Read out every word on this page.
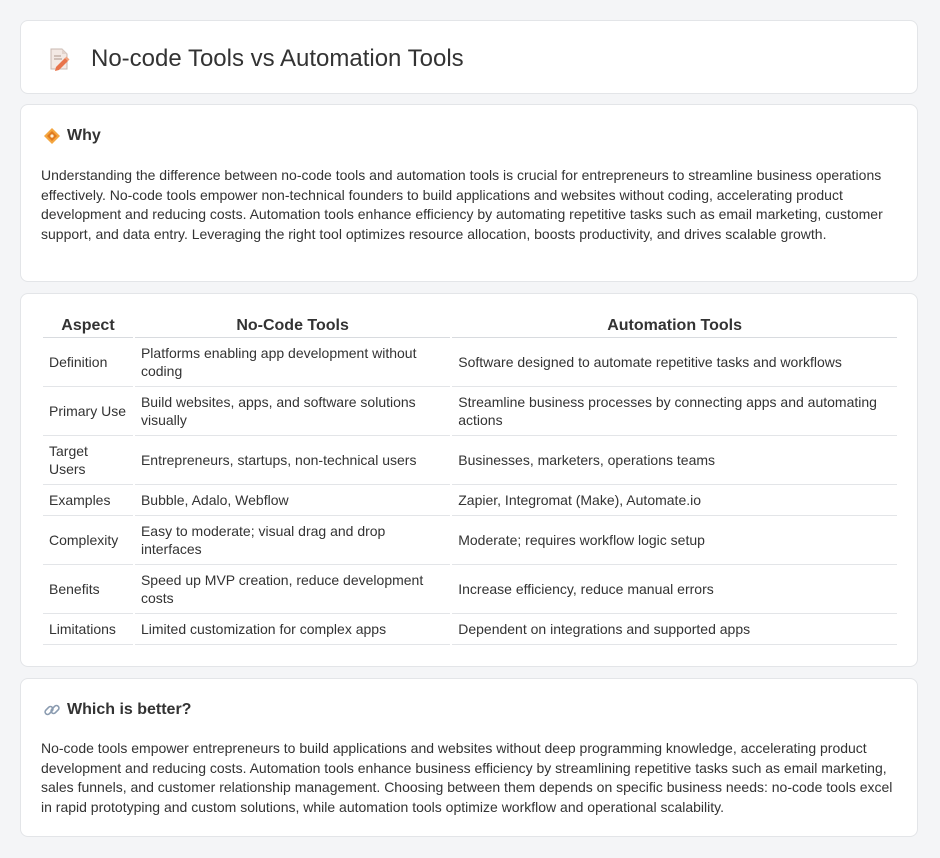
No-code Tools vs Automation Tools
Why

Understanding the difference between no-code tools and automation tools is crucial for entrepreneurs to streamline business operations effectively. No-code tools empower non-technical founders to build applications and websites without coding, accelerating product development and reducing costs. Automation tools enhance efficiency by automating repetitive tasks such as email marketing, customer support, and data entry. Leveraging the right tool optimizes resource allocation, boosts productivity, and drives scalable growth.

Aspect	No-Code Tools	Automation Tools
Definition	Platforms enabling app development without coding	Software designed to automate repetitive tasks and workflows
Primary Use	Build websites, apps, and software solutions visually	Streamline business processes by connecting apps and automating actions
Target Users	Entrepreneurs, startups, non-technical users	Businesses, marketers, operations teams
Examples	Bubble, Adalo, Webflow	Zapier, Integromat (Make), Automate.io
Complexity	Easy to moderate; visual drag and drop interfaces	Moderate; requires workflow logic setup
Benefits	Speed up MVP creation, reduce development costs	Increase efficiency, reduce manual errors
Limitations	Limited customization for complex apps	Dependent on integrations and supported apps
Which is better?

No-code tools empower entrepreneurs to build applications and websites without deep programming knowledge, accelerating product development and reducing costs. Automation tools enhance business efficiency by streamlining repetitive tasks such as email marketing, sales funnels, and customer relationship management. Choosing between them depends on specific business needs: no-code tools excel in rapid prototyping and custom solutions, while automation tools optimize workflow and operational scalability.
